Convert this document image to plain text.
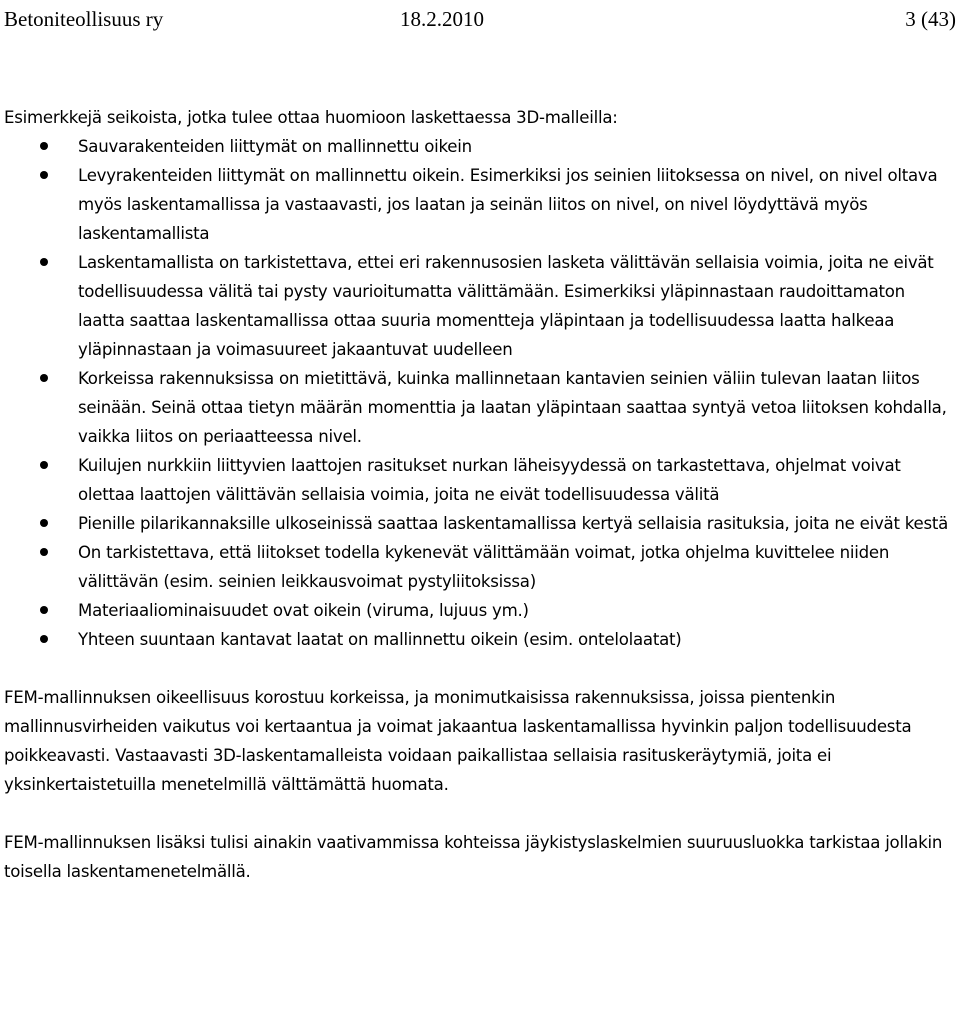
Betoniteollisuus ry	18.2.2010	3 (43)

Esimerkkejä seikoista, jotka tulee ottaa huomioon laskettaessa 3D-malleilla:

Sauvarakenteiden liittymät on mallinnettu oikein
Levyrakenteiden liittymät on mallinnettu oikein. Esimerkiksi jos seinien liitoksessa on nivel, on nivel oltava myös laskentamallissa ja vastaavasti, jos laatan ja seinän liitos on nivel, on nivel löydyttävä myös laskentamallista
Laskentamallista on tarkistettava, ettei eri rakennusosien lasketa välittävän sellaisia voimia, joita ne eivät todellisuudessa välitä tai pysty vaurioitumatta välittämään. Esimerkiksi yläpinnastaan raudoittamaton laatta saattaa laskentamallissa ottaa suuria momentteja yläpintaan ja todellisuudessa laatta halkeaa yläpinnastaan ja voimasuureet jakaantuvat uudelleen
Korkeissa rakennuksissa on mietittävä, kuinka mallinnetaan kantavien seinien väliin tulevan laatan liitos seinään. Seinä ottaa tietyn määrän momenttia ja laatan yläpintaan saattaa syntyä vetoa liitoksen kohdalla, vaikka liitos on periaatteessa nivel.
Kuilujen nurkkiin liittyvien laattojen rasitukset nurkan läheisyydessä on tarkastettava, ohjelmat voivat olettaa laattojen välittävän sellaisia voimia, joita ne eivät todellisuudessa välitä
Pienille pilarikannaksille ulkoseinissä saattaa laskentamallissa kertyä sellaisia rasituksia, joita ne eivät kestä
On tarkistettava, että liitokset todella kykenevät välittämään voimat, jotka ohjelma kuvittelee niiden välittävän (esim. seinien leikkausvoimat pystyliitoksissa)
Materiaaliominaisuudet ovat oikein (viruma, lujuus ym.)
Yhteen suuntaan kantavat laatat on mallinnettu oikein (esim. ontelolaatat)

FEM-mallinnuksen oikeellisuus korostuu korkeissa, ja monimutkaisissa rakennuksissa, joissa pientenkin mallinnusvirheiden vaikutus voi kertaantua ja voimat jakaantua laskentamallissa hyvinkin paljon todellisuudesta poikkeavasti. Vastaavasti 3D-laskentamalleista voidaan paikallistaa sellaisia rasituskeräytymiä, joita ei yksinkertaistetuilla menetelmillä välttämättä huomata.

FEM-mallinnuksen lisäksi tulisi ainakin vaativammissa kohteissa jäykistyslaskelmien suuruusluokka tarkistaa jollakin toisella laskentamenetelmällä.
